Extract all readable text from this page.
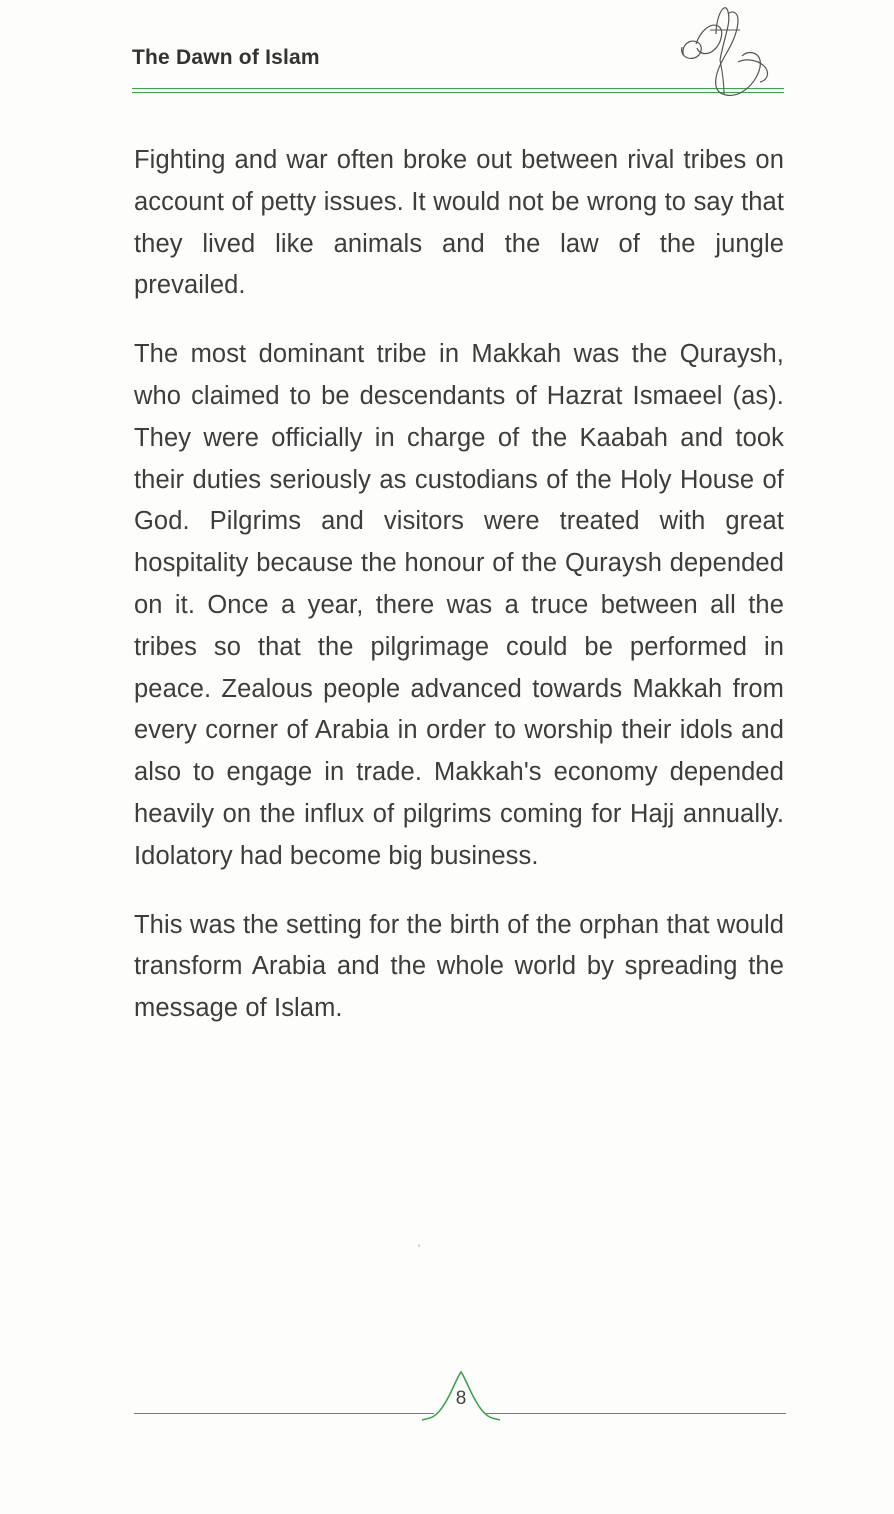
The Dawn of Islam

Fighting and war often broke out between rival tribes on account of petty issues. It would not be wrong to say that they lived like animals and the law of the jungle prevailed.

The most dominant tribe in Makkah was the Quraysh, who claimed to be descendants of Hazrat Ismaeel (as). They were officially in charge of the Kaabah and took their duties seriously as custodians of the Holy House of God. Pilgrims and visitors were treated with great hospitality because the honour of the Quraysh depended on it. Once a year, there was a truce between all the tribes so that the pilgrimage could be performed in peace. Zealous people advanced towards Makkah from every corner of Arabia in order to worship their idols and also to engage in trade. Makkah's economy depended heavily on the influx of pilgrims coming for Hajj annually. Idolatory had become big business.

This was the setting for the birth of the orphan that would transform Arabia and the whole world by spreading the message of Islam.

'
8
